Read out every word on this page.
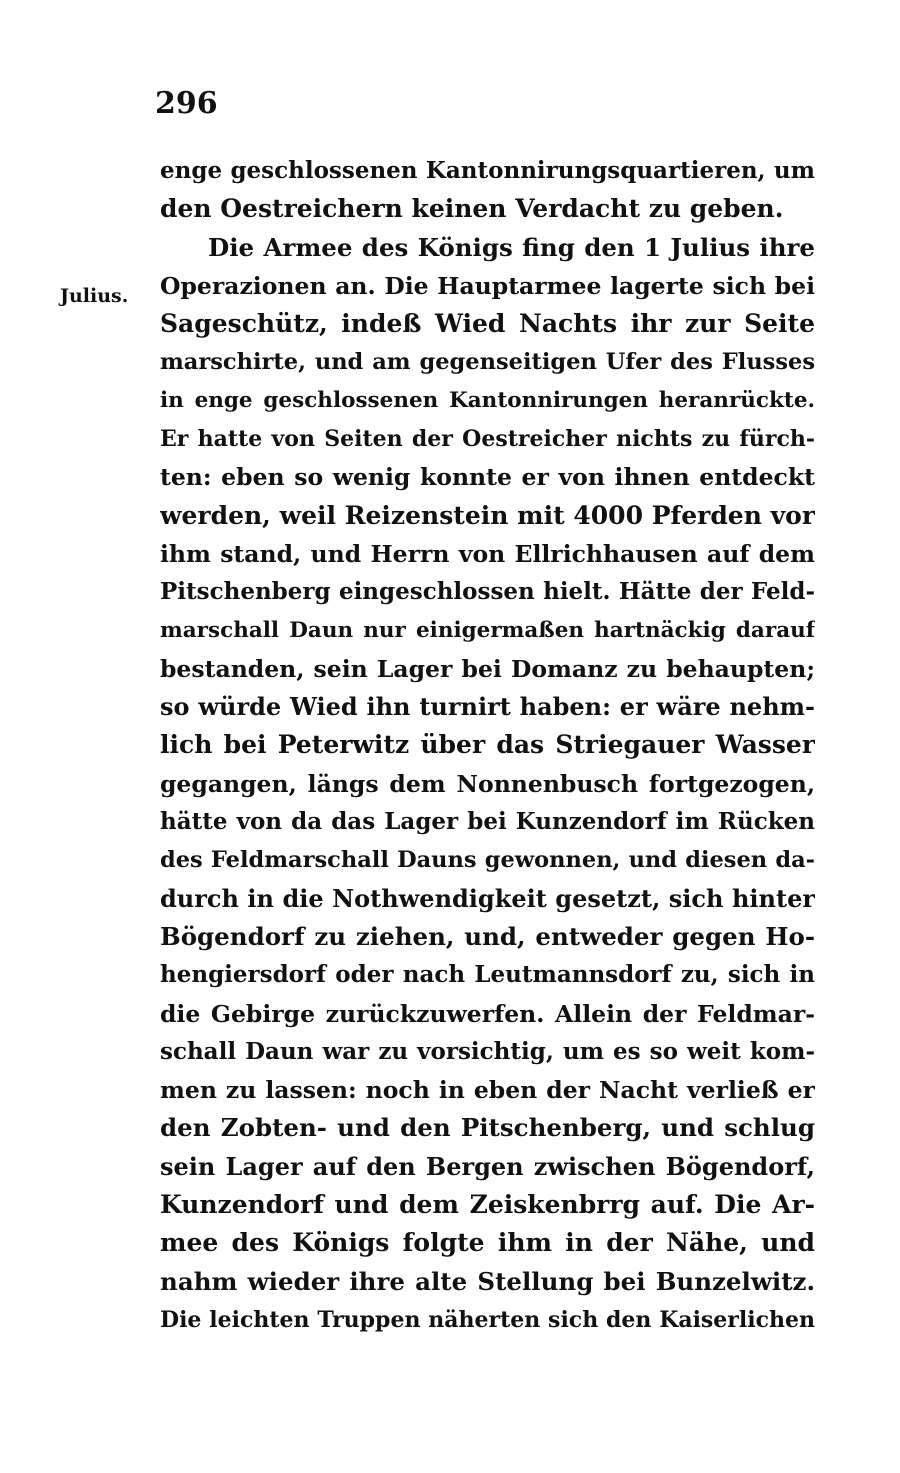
296
Julius.
enge geschlossenen Kantonnirungsquartieren, um
den Oestreichern keinen Verdacht zu geben.
Die Armee des Königs fing den 1 Julius ihre
Operazionen an. Die Hauptarmee lagerte sich bei
Sageschütz, indeß Wied Nachts ihr zur Seite
marschirte, und am gegenseitigen Ufer des Flusses
in enge geschlossenen Kantonnirungen heranrückte.
Er hatte von Seiten der Oestreicher nichts zu fürch-
ten: eben so wenig konnte er von ihnen entdeckt
werden, weil Reizenstein mit 4000 Pferden vor
ihm stand, und Herrn von Ellrichhausen auf dem
Pitschenberg eingeschlossen hielt. Hätte der Feld-
marschall Daun nur einigermaßen hartnäckig darauf
bestanden, sein Lager bei Domanz zu behaupten;
so würde Wied ihn turnirt haben: er wäre nehm-
lich bei Peterwitz über das Striegauer Wasser
gegangen, längs dem Nonnenbusch fortgezogen,
hätte von da das Lager bei Kunzendorf im Rücken
des Feldmarschall Dauns gewonnen, und diesen da-
durch in die Nothwendigkeit gesetzt, sich hinter
Bögendorf zu ziehen, und, entweder gegen Ho-
hengiersdorf oder nach Leutmannsdorf zu, sich in
die Gebirge zurückzuwerfen. Allein der Feldmar-
schall Daun war zu vorsichtig, um es so weit kom-
men zu lassen: noch in eben der Nacht verließ er
den Zobten- und den Pitschenberg, und schlug
sein Lager auf den Bergen zwischen Bögendorf,
Kunzendorf und dem Zeiskenbrrg auf. Die Ar-
mee des Königs folgte ihm in der Nähe, und
nahm wieder ihre alte Stellung bei Bunzelwitz.
Die leichten Truppen näherten sich den Kaiserlichen
